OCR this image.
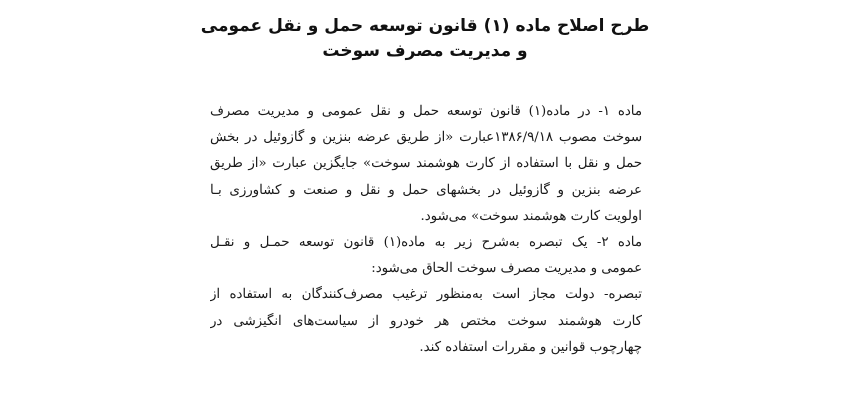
طرح اصلاح ماده (۱) قانون توسعه حمل و نقل عمومی
و مدیریت مصرف سوخت
ماده ۱- در ماده(۱) قانون توسعه حمل و نقل عمومی و مدیریت مصرف
سوخت مصوب ۱۳۸۶/۹/۱۸عبارت «از طریق عرضه بنزین و گازوئیل در بخش
حمل و نقل با استفاده از کارت هوشمند سوخت» جایگزین عبارت «از طریق
عرضه بنزین و گازوئیل در بخشهای حمل و نقل و صنعت و کشاورزی بـا
اولویت کارت هوشمند سوخت» می‌شود.
ماده ۲- یک تبصره به‌شرح زیر به ماده(۱) قانون توسعه حمـل و نقـل
عمومی و مدیریت مصرف سوخت الحاق می‌شود:
تبصره- دولت مجاز است به‌منظور ترغیب مصرف‌کنندگان به استفاده از
کارت هوشمند سوخت مختص هر خودرو از سیاست‌های انگیزشی در
چهارچوب قوانین و مقررات استفاده کند.
